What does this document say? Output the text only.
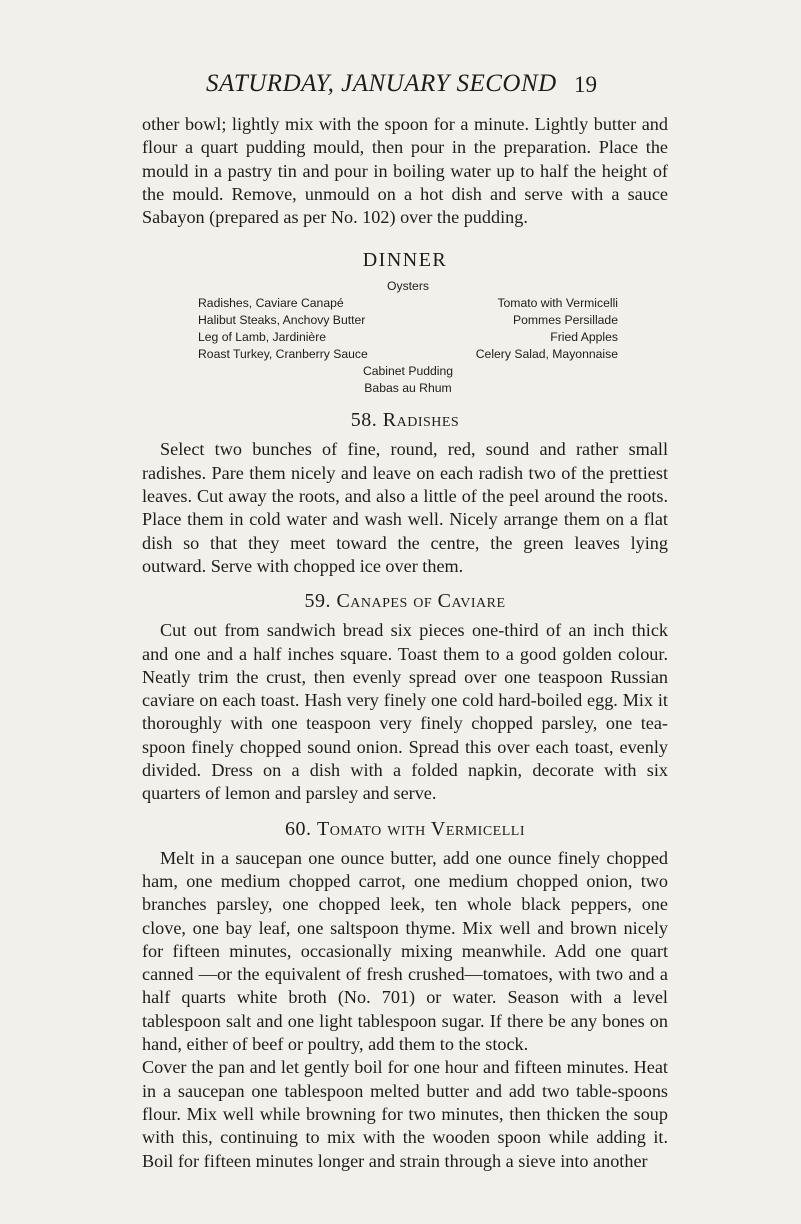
SATURDAY, JANUARY SECOND 19

other bowl; lightly mix with the spoon for a minute. Lightly butter and flour a quart pudding mould, then pour in the preparation. Place the mould in a pastry tin and pour in boiling water up to half the height of the mould. Remove, unmould on a hot dish and serve with a sauce Sabayon (prepared as per No. 102) over the pudding.

DINNER
Oysters
Radishes, Caviare Canapé	Tomato with Vermicelli
Halibut Steaks, Anchovy Butter	Pommes Persillade
Leg of Lamb, Jardinière	Fried Apples
Roast Turkey, Cranberry Sauce	Celery Salad, Mayonnaise
Cabinet Pudding
Babas au Rhum
58. Radishes

Select two bunches of fine, round, red, sound and rather small radishes. Pare them nicely and leave on each radish two of the prettiest leaves. Cut away the roots, and also a little of the peel around the roots. Place them in cold water and wash well. Nicely arrange them on a flat dish so that they meet toward the centre, the green leaves lying outward. Serve with chopped ice over them.

59. Canapes of Caviare

Cut out from sandwich bread six pieces one-third of an inch thick and one and a half inches square. Toast them to a good golden colour. Neatly trim the crust, then evenly spread over one teaspoon Russian caviare on each toast. Hash very finely one cold hard-boiled egg. Mix it thoroughly with one teaspoon very finely chopped parsley, one tea-spoon finely chopped sound onion. Spread this over each toast, evenly divided. Dress on a dish with a folded napkin, decorate with six quarters of lemon and parsley and serve.

60. Tomato with Vermicelli

Melt in a saucepan one ounce butter, add one ounce finely chopped ham, one medium chopped carrot, one medium chopped onion, two branches parsley, one chopped leek, ten whole black peppers, one clove, one bay leaf, one saltspoon thyme. Mix well and brown nicely for fifteen minutes, occasionally mixing meanwhile. Add one quart canned —or the equivalent of fresh crushed—tomatoes, with two and a half quarts white broth (No. 701) or water. Season with a level tablespoon salt and one light tablespoon sugar. If there be any bones on hand, either of beef or poultry, add them to the stock.

Cover the pan and let gently boil for one hour and fifteen minutes. Heat in a saucepan one tablespoon melted butter and add two table-spoons flour. Mix well while browning for two minutes, then thicken the soup with this, continuing to mix with the wooden spoon while adding it. Boil for fifteen minutes longer and strain through a sieve into another
